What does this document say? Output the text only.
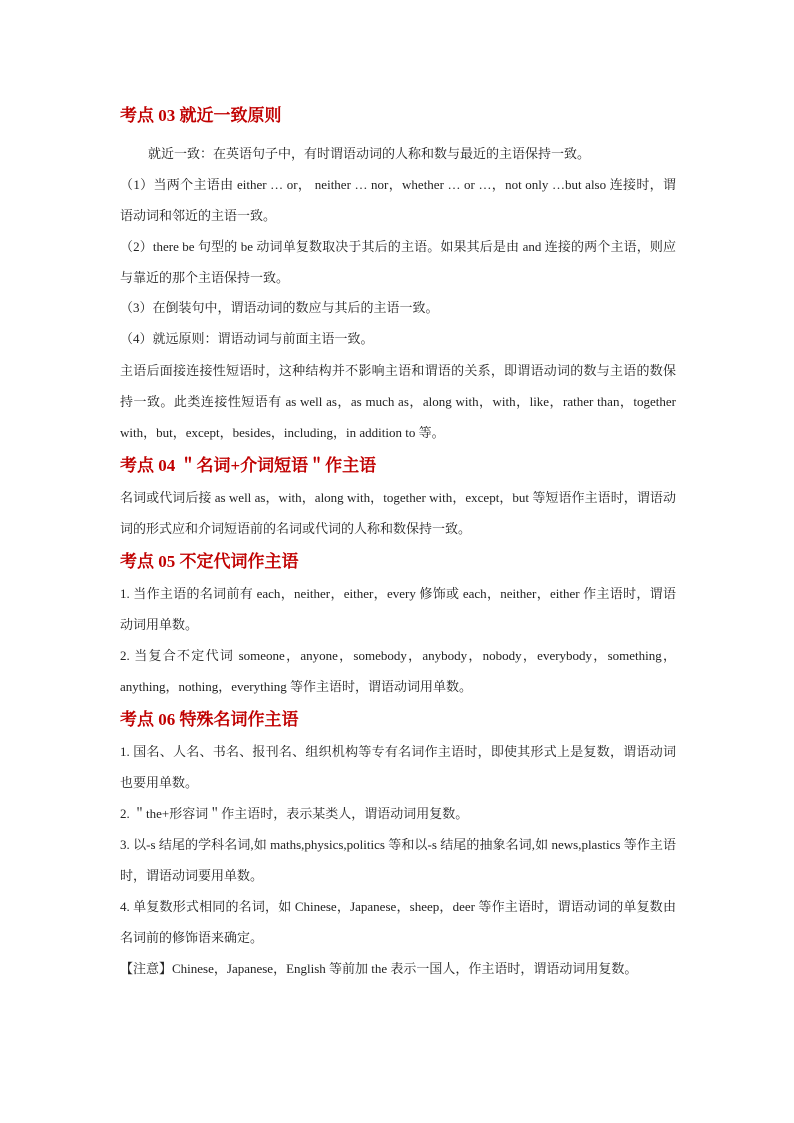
考点 03 就近一致原则

就近一致：在英语句子中，有时谓语动词的人称和数与最近的主语保持一致。

（1）当两个主语由 either … or， neither … nor，whether … or …，not only …but also 连接时，谓语动词和邻近的主语一致。

（2）there be 句型的 be 动词单复数取决于其后的主语。如果其后是由 and 连接的两个主语，则应与靠近的那个主语保持一致。

（3）在倒装句中，谓语动词的数应与其后的主语一致。

（4）就远原则：谓语动词与前面主语一致。

主语后面接连接性短语时，这种结构并不影响主语和谓语的关系，即谓语动词的数与主语的数保持一致。此类连接性短语有 as well as，as much as，along with，with，like，rather than，together with，but，except，besides，including，in addition to 等。

考点 04 ＂名词+介词短语＂作主语

名词或代词后接 as well as，with，along with，together with，except，but 等短语作主语时，谓语动词的形式应和介词短语前的名词或代词的人称和数保持一致。

考点 05 不定代词作主语

1. 当作主语的名词前有 each，neither，either，every 修饰或 each，neither，either 作主语时，谓语动词用单数。

2. 当复合不定代词 someone，anyone，somebody，anybody，nobody，everybody，something，anything，nothing，everything 等作主语时，谓语动词用单数。

考点 06 特殊名词作主语

1. 国名、人名、书名、报刊名、组织机构等专有名词作主语时，即使其形式上是复数，谓语动词也要用单数。

2. ＂the+形容词＂作主语时，表示某类人，谓语动词用复数。

3. 以-s 结尾的学科名词,如 maths,physics,politics 等和以-s 结尾的抽象名词,如 news,plastics 等作主语时，谓语动词要用单数。

4. 单复数形式相同的名词，如 Chinese，Japanese，sheep，deer 等作主语时，谓语动词的单复数由名词前的修饰语来确定。

【注意】Chinese，Japanese，English 等前加 the 表示一国人，作主语时，谓语动词用复数。
